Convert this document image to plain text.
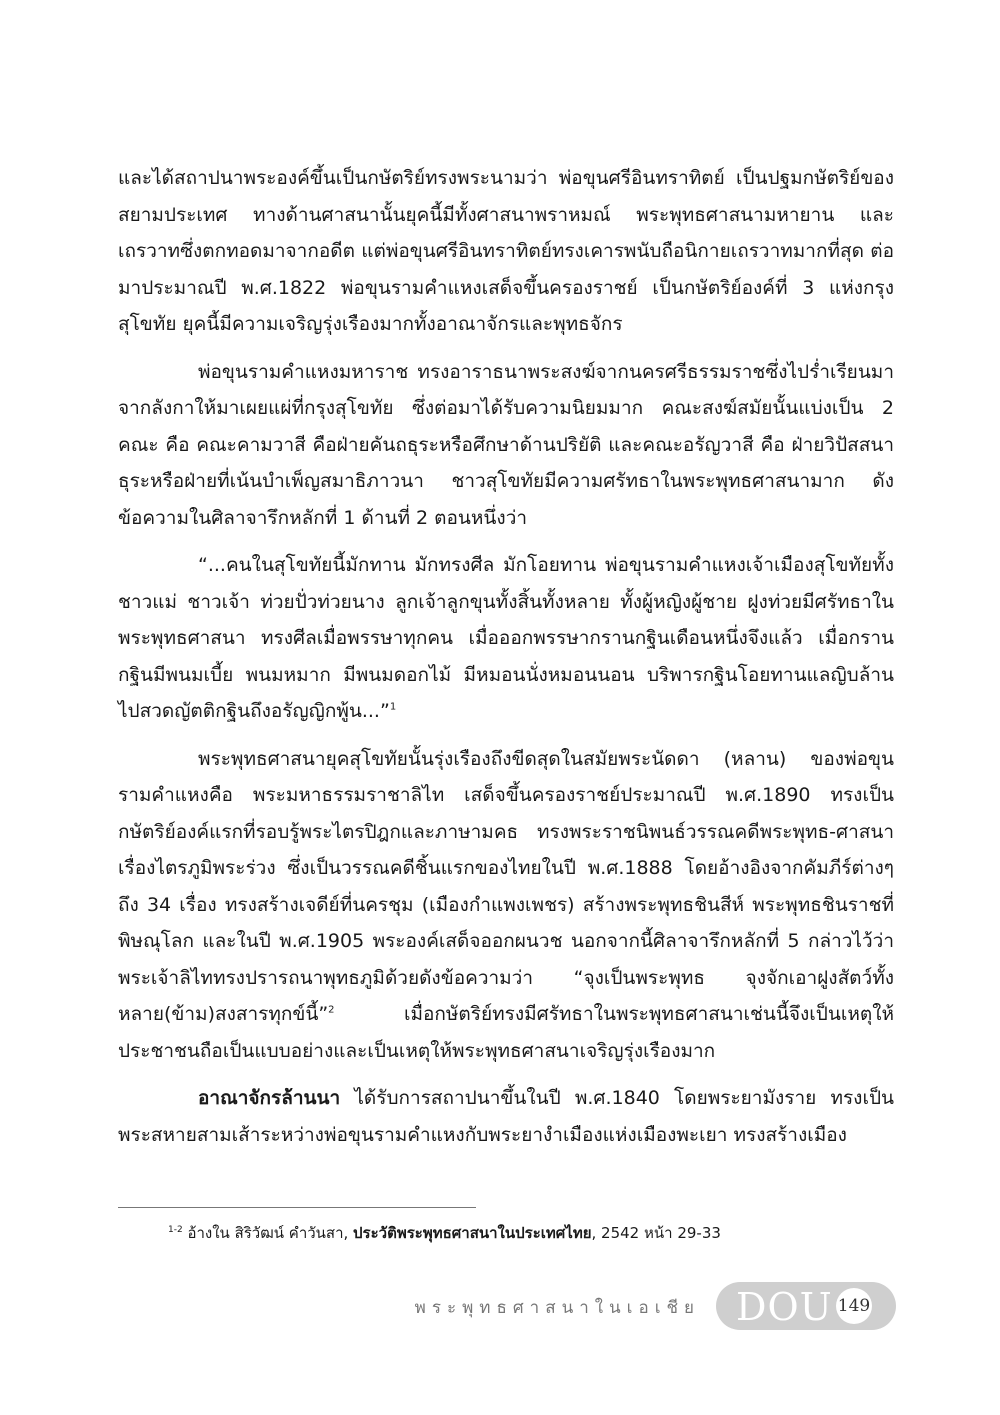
และได้สถาปนาพระองค์ขึ้นเป็นกษัตริย์ทรงพระนามว่า พ่อขุนศรีอินทราทิตย์ เป็นปฐมกษัตริย์ของสยามประเทศ ทางด้านศาสนานั้นยุคนี้มีทั้งศาสนาพราหมณ์ พระพุทธศาสนามหายาน และเถรวาทซึ่งตกทอดมาจากอดีต แต่พ่อขุนศรีอินทราทิตย์ทรงเคารพนับถือนิกายเถรวาทมากที่สุด ต่อมาประมาณปี พ.ศ.1822 พ่อขุนรามคำแหงเสด็จขึ้นครองราชย์ เป็นกษัตริย์องค์ที่ 3 แห่งกรุงสุโขทัย ยุคนี้มีความเจริญรุ่งเรืองมากทั้งอาณาจักรและพุทธจักร

พ่อขุนรามคำแหงมหาราช ทรงอาราธนาพระสงฆ์จากนครศรีธรรมราชซึ่งไปร่ำเรียนมาจากลังกาให้มาเผยแผ่ที่กรุงสุโขทัย ซึ่งต่อมาได้รับความนิยมมาก คณะสงฆ์สมัยนั้นแบ่งเป็น 2 คณะ คือ คณะคามวาสี คือฝ่ายคันถธุระหรือศึกษาด้านปริยัติ และคณะอรัญวาสี คือ ฝ่ายวิปัสสนาธุระหรือฝ่ายที่เน้นบำเพ็ญสมาธิภาวนา ชาวสุโขทัยมีความศรัทธาในพระพุทธศาสนามาก ดังข้อความในศิลาจารึกหลักที่ 1 ด้านที่ 2 ตอนหนึ่งว่า

“...คนในสุโขทัยนี้มักทาน มักทรงศีล มักโอยทาน พ่อขุนรามคำแหงเจ้าเมืองสุโขทัยทั้งชาวแม่ ชาวเจ้า ท่วยปั่วท่วยนาง ลูกเจ้าลูกขุนทั้งสิ้นทั้งหลาย ทั้งผู้หญิงผู้ชาย ฝูงท่วยมีศรัทธาในพระพุทธศาสนา ทรงศีลเมื่อพรรษาทุกคน เมื่อออกพรรษากรานกฐินเดือนหนึ่งจึงแล้ว เมื่อกรานกฐินมีพนมเบี้ย พนมหมาก มีพนมดอกไม้ มีหมอนนั่งหมอนนอน บริพารกฐินโอยทานแลญิบล้าน ไปสวดญัตติกฐินถึงอรัญญิกพู้น...”$^1$

พระพุทธศาสนายุคสุโขทัยนั้นรุ่งเรืองถึงขีดสุดในสมัยพระนัดดา (หลาน) ของพ่อขุนรามคำแหงคือ พระมหาธรรมราชาลิไท เสด็จขึ้นครองราชย์ประมาณปี พ.ศ.1890 ทรงเป็นกษัตริย์องค์แรกที่รอบรู้พระไตรปิฎกและภาษามคธ ทรงพระราชนิพนธ์วรรณคดีพระพุทธ-ศาสนา เรื่องไตรภูมิพระร่วง ซึ่งเป็นวรรณคดีชิ้นแรกของไทยในปี พ.ศ.1888 โดยอ้างอิงจากคัมภีร์ต่างๆ ถึง 34 เรื่อง ทรงสร้างเจดีย์ที่นครชุม (เมืองกำแพงเพชร) สร้างพระพุทธชินสีห์ พระพุทธชินราชที่พิษณุโลก และในปี พ.ศ.1905 พระองค์เสด็จออกผนวช นอกจากนี้ศิลาจารึกหลักที่ 5 กล่าวไว้ว่าพระเจ้าลิไททรงปรารถนาพุทธภูมิด้วยดังข้อความว่า “จุงเป็นพระพุทธ จุงจักเอาฝูงสัตว์ทั้งหลาย(ข้าม)สงสารทุกข์นี้”$^2$ เมื่อกษัตริย์ทรงมีศรัทธาในพระพุทธศาสนาเช่นนี้จึงเป็นเหตุให้ประชาชนถือเป็นแบบอย่างและเป็นเหตุให้พระพุทธศาสนาเจริญรุ่งเรืองมาก

อาณาจักรล้านนา ได้รับการสถาปนาขึ้นในปี พ.ศ.1840 โดยพระยามังราย ทรงเป็นพระสหายสามเส้าระหว่างพ่อขุนรามคำแหงกับพระยางำเมืองแห่งเมืองพะเยา ทรงสร้างเมือง

$^{1-2}$ อ้างใน สิริวัฒน์ คำวันสา, ประวัติพระพุทธศาสนาในประเทศไทย, 2542 หน้า 29-33
พระพุทธศาสนาในเอเชีย DOU 149
